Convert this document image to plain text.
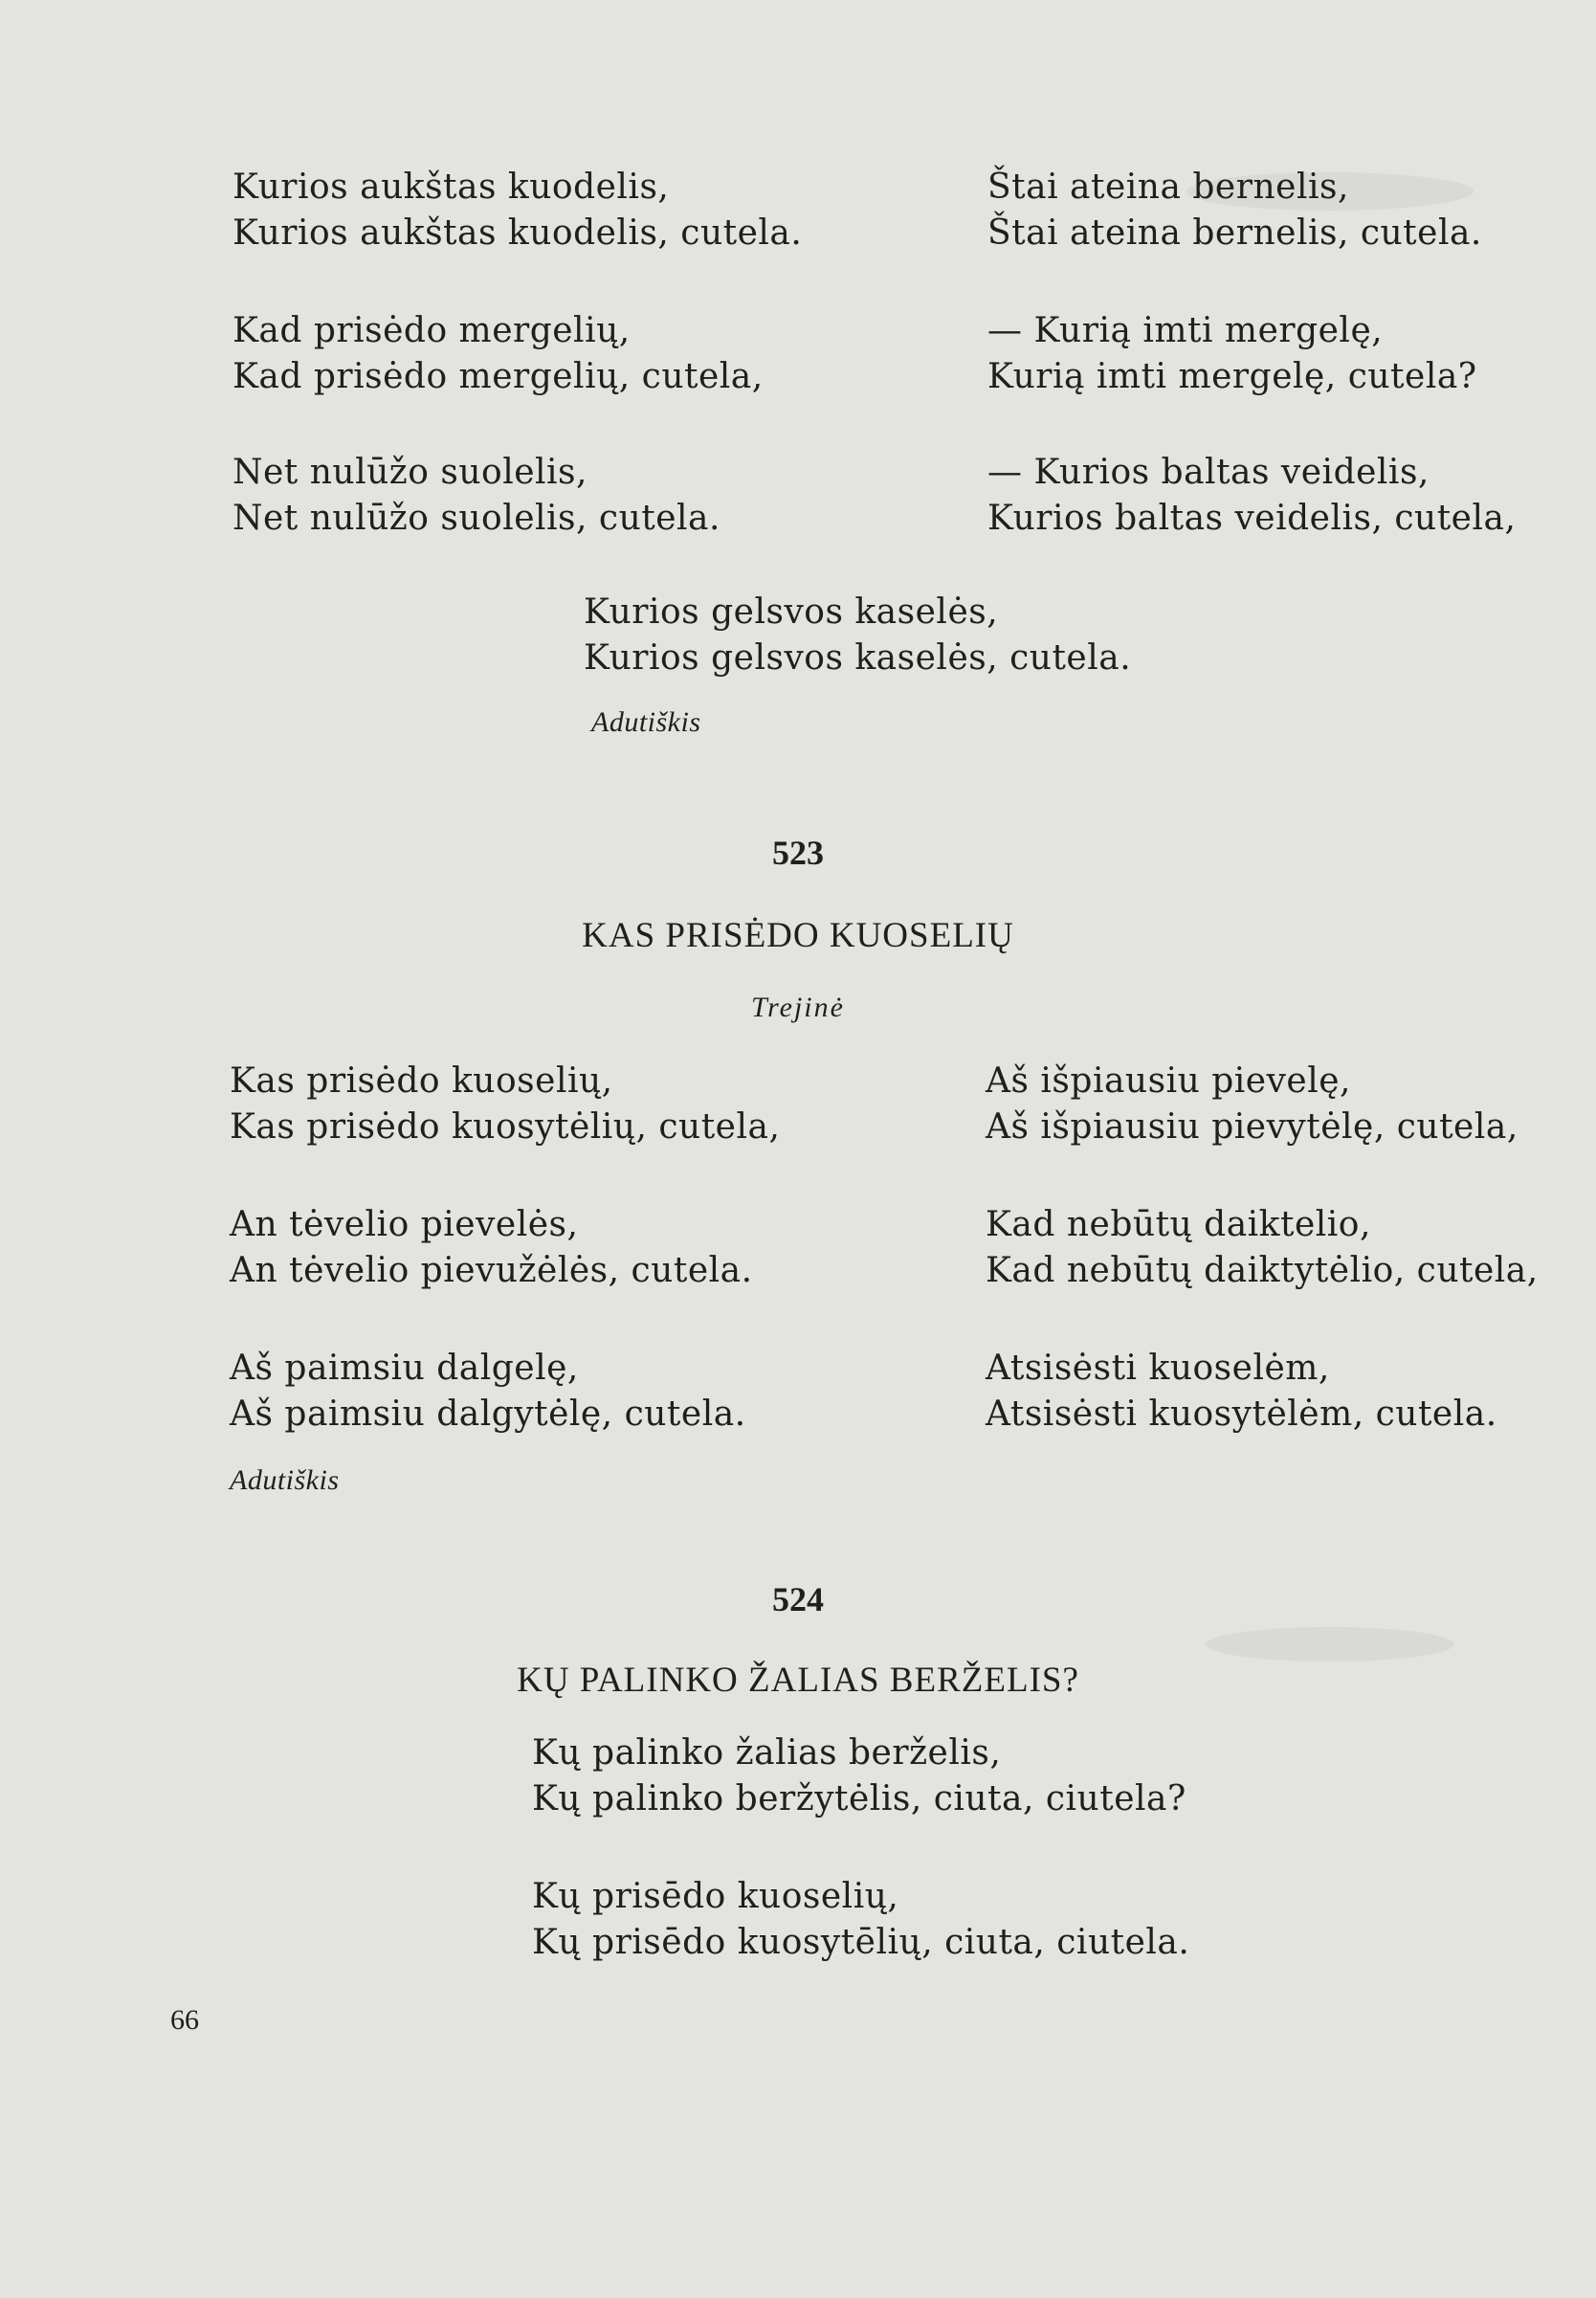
Kurios aukštas kuodelis,
Kurios aukštas kuodelis, cutela.
Kad prisėdo mergelių,
Kad prisėdo mergelių, cutela,
Net nulūžo suolelis,
Net nulūžo suolelis, cutela.
Štai ateina bernelis,
Štai ateina bernelis, cutela.
— Kurią imti mergelę,
Kurią imti mergelę, cutela?
— Kurios baltas veidelis,
Kurios baltas veidelis, cutela,
Kurios gelsvos kaselės,
Kurios gelsvos kaselės, cutela.
Adutiškis
523
KAS PRISĖDO KUOSELIŲ
Trejinė
Kas prisėdo kuoselių,
Kas prisėdo kuosytėlių, cutela,
An tėvelio pievelės,
An tėvelio pievužėlės, cutela.
Aš paimsiu dalgelę,
Aš paimsiu dalgytėlę, cutela.
Aš išpiausiu pievelę,
Aš išpiausiu pievytėlę, cutela,
Kad nebūtų daiktelio,
Kad nebūtų daiktytėlio, cutela,
Atsisėsti kuoselėm,
Atsisėsti kuosytėlėm, cutela.
Adutiškis
524
KŲ PALINKO ŽALIAS BERŽELIS?
Kų palinko žalias berželis,
Kų palinko beržytėlis, ciuta, ciutela?
Kų prisēdo kuoselių,
Kų prisēdo kuosytēlių, ciuta, ciutela.
66
